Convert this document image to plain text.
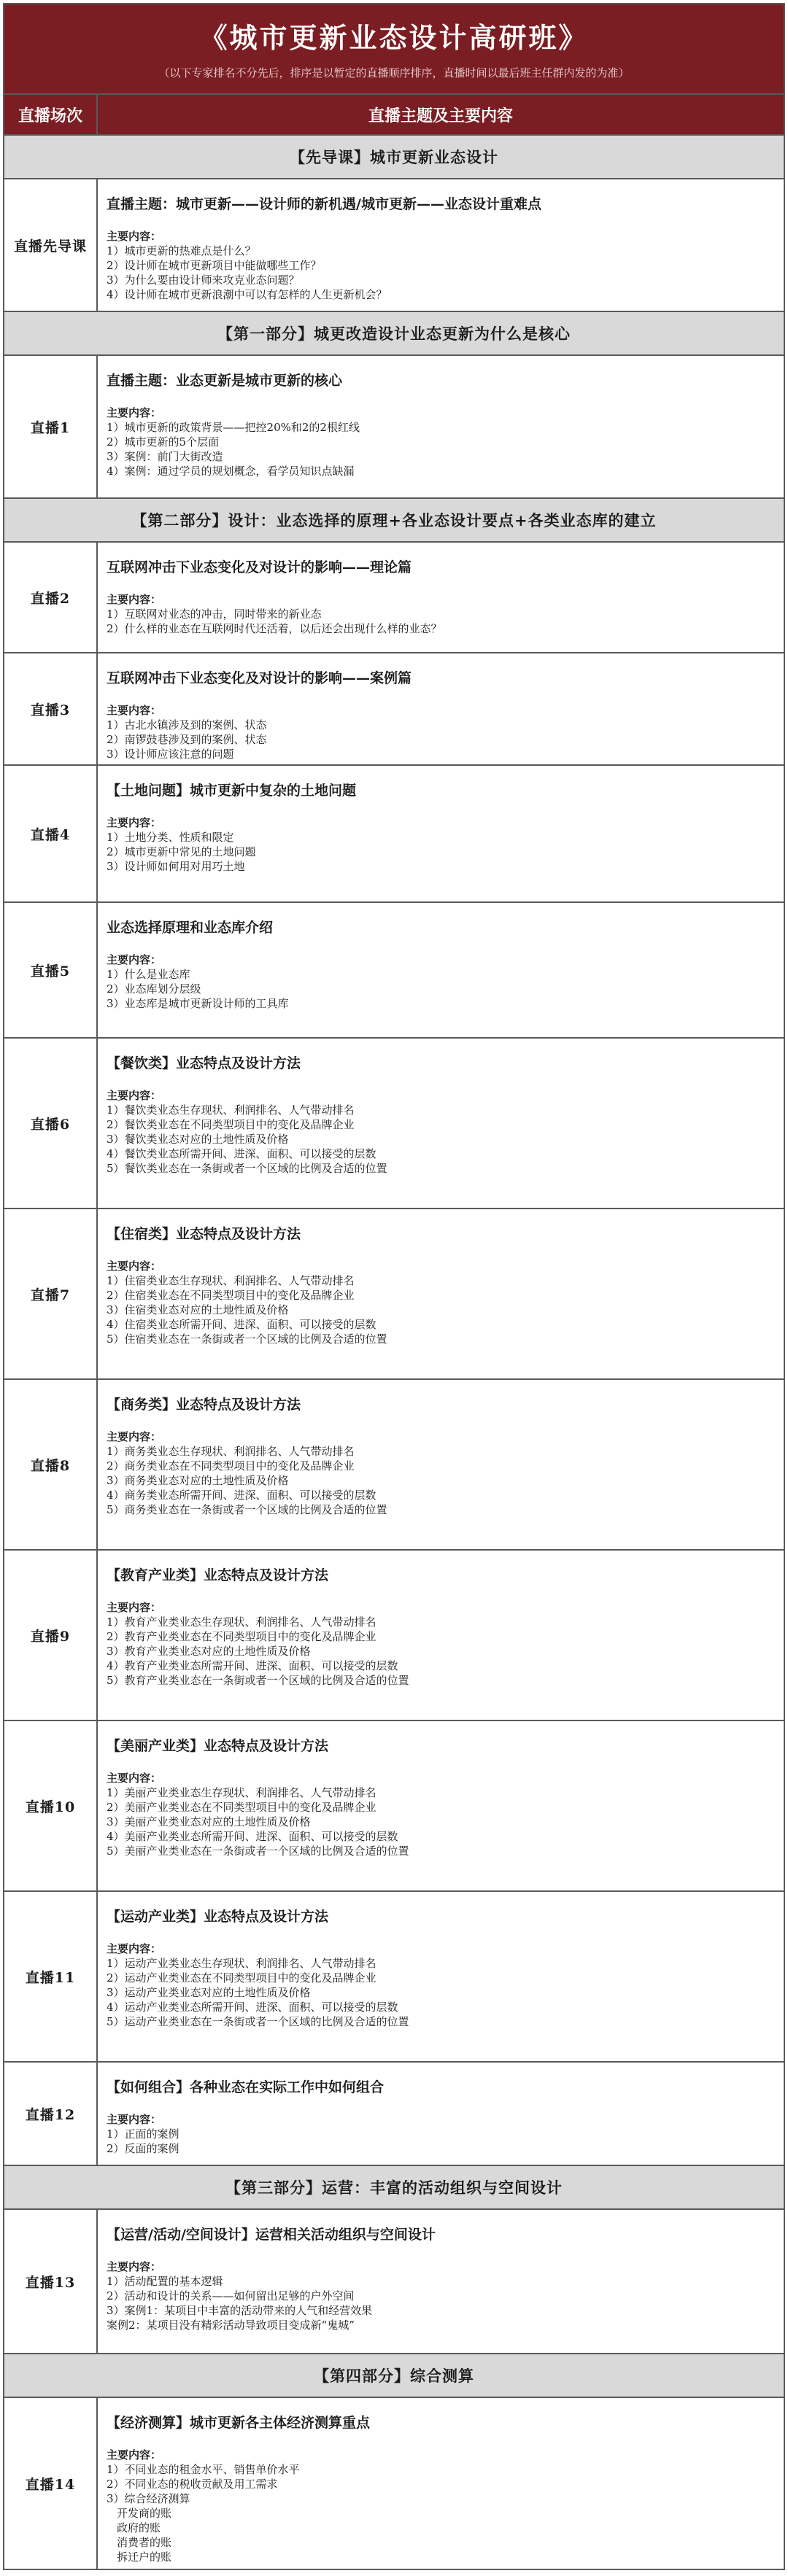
《城市更新业态设计高研班》
（以下专家排名不分先后，排序是以暂定的直播顺序排序，直播时间以最后班主任群内发的为准）
直播场次	直播主题及主要内容
【先导课】城市更新业态设计
直播先导课
直播主题：城市更新——设计师的新机遇/城市更新——业态设计重难点
主要内容：
1）城市更新的热难点是什么？
2）设计师在城市更新项目中能做哪些工作？
3）为什么要由设计师来攻克业态问题？
4）设计师在城市更新浪潮中可以有怎样的人生更新机会？
【第一部分】城更改造设计业态更新为什么是核心
直播1
直播主题：业态更新是城市更新的核心
主要内容：
1）城市更新的政策背景——把控20%和2的2根红线
2）城市更新的5个层面
3）案例：前门大街改造
4）案例：通过学员的规划概念，看学员知识点缺漏
【第二部分】设计：业态选择的原理+各业态设计要点+各类业态库的建立
直播2
互联网冲击下业态变化及对设计的影响——理论篇
主要内容：
1）互联网对业态的冲击，同时带来的新业态
2）什么样的业态在互联网时代还活着，以后还会出现什么样的业态？
直播3
互联网冲击下业态变化及对设计的影响——案例篇
主要内容：
1）古北水镇涉及到的案例、状态
2）南锣鼓巷涉及到的案例、状态
3）设计师应该注意的问题
直播4
【土地问题】城市更新中复杂的土地问题
主要内容：
1）土地分类、性质和限定
2）城市更新中常见的土地问题
3）设计师如何用对用巧土地
直播5
业态选择原理和业态库介绍
主要内容：
1）什么是业态库
2）业态库划分层级
3）业态库是城市更新设计师的工具库
直播6
【餐饮类】业态特点及设计方法
主要内容：
1）餐饮类业态生存现状、利润排名、人气带动排名
2）餐饮类业态在不同类型项目中的变化及品牌企业
3）餐饮类业态对应的土地性质及价格
4）餐饮类业态所需开间、进深、面积、可以接受的层数
5）餐饮类业态在一条街或者一个区域的比例及合适的位置
直播7
【住宿类】业态特点及设计方法
主要内容：
1）住宿类业态生存现状、利润排名、人气带动排名
2）住宿类业态在不同类型项目中的变化及品牌企业
3）住宿类业态对应的土地性质及价格
4）住宿类业态所需开间、进深、面积、可以接受的层数
5）住宿类业态在一条街或者一个区域的比例及合适的位置
直播8
【商务类】业态特点及设计方法
主要内容：
1）商务类业态生存现状、利润排名、人气带动排名
2）商务类业态在不同类型项目中的变化及品牌企业
3）商务类业态对应的土地性质及价格
4）商务类业态所需开间、进深、面积、可以接受的层数
5）商务类业态在一条街或者一个区域的比例及合适的位置
直播9
【教育产业类】业态特点及设计方法
主要内容：
1）教育产业类业态生存现状、利润排名、人气带动排名
2）教育产业类业态在不同类型项目中的变化及品牌企业
3）教育产业类业态对应的土地性质及价格
4）教育产业类业态所需开间、进深、面积、可以接受的层数
5）教育产业类业态在一条街或者一个区域的比例及合适的位置
直播10
【美丽产业类】业态特点及设计方法
主要内容：
1）美丽产业类业态生存现状、利润排名、人气带动排名
2）美丽产业类业态在不同类型项目中的变化及品牌企业
3）美丽产业类业态对应的土地性质及价格
4）美丽产业类业态所需开间、进深、面积、可以接受的层数
5）美丽产业类业态在一条街或者一个区域的比例及合适的位置
直播11
【运动产业类】业态特点及设计方法
主要内容：
1）运动产业类业态生存现状、利润排名、人气带动排名
2）运动产业类业态在不同类型项目中的变化及品牌企业
3）运动产业类业态对应的土地性质及价格
4）运动产业类业态所需开间、进深、面积、可以接受的层数
5）运动产业类业态在一条街或者一个区域的比例及合适的位置
直播12
【如何组合】各种业态在实际工作中如何组合
主要内容：
1）正面的案例
2）反面的案例
【第三部分】运营：丰富的活动组织与空间设计
直播13
【运营/活动/空间设计】运营相关活动组织与空间设计
主要内容：
1）活动配置的基本逻辑
2）活动和设计的关系——如何留出足够的户外空间
3）案例1：某项目中丰富的活动带来的人气和经营效果
案例2：某项目没有精彩活动导致项目变成新“鬼城”
【第四部分】综合测算
直播14
【经济测算】城市更新各主体经济测算重点
主要内容：
1）不同业态的租金水平、销售单价水平
2）不同业态的税收贡献及用工需求
3）综合经济测算
开发商的账
政府的账
消费者的账
拆迁户的账
